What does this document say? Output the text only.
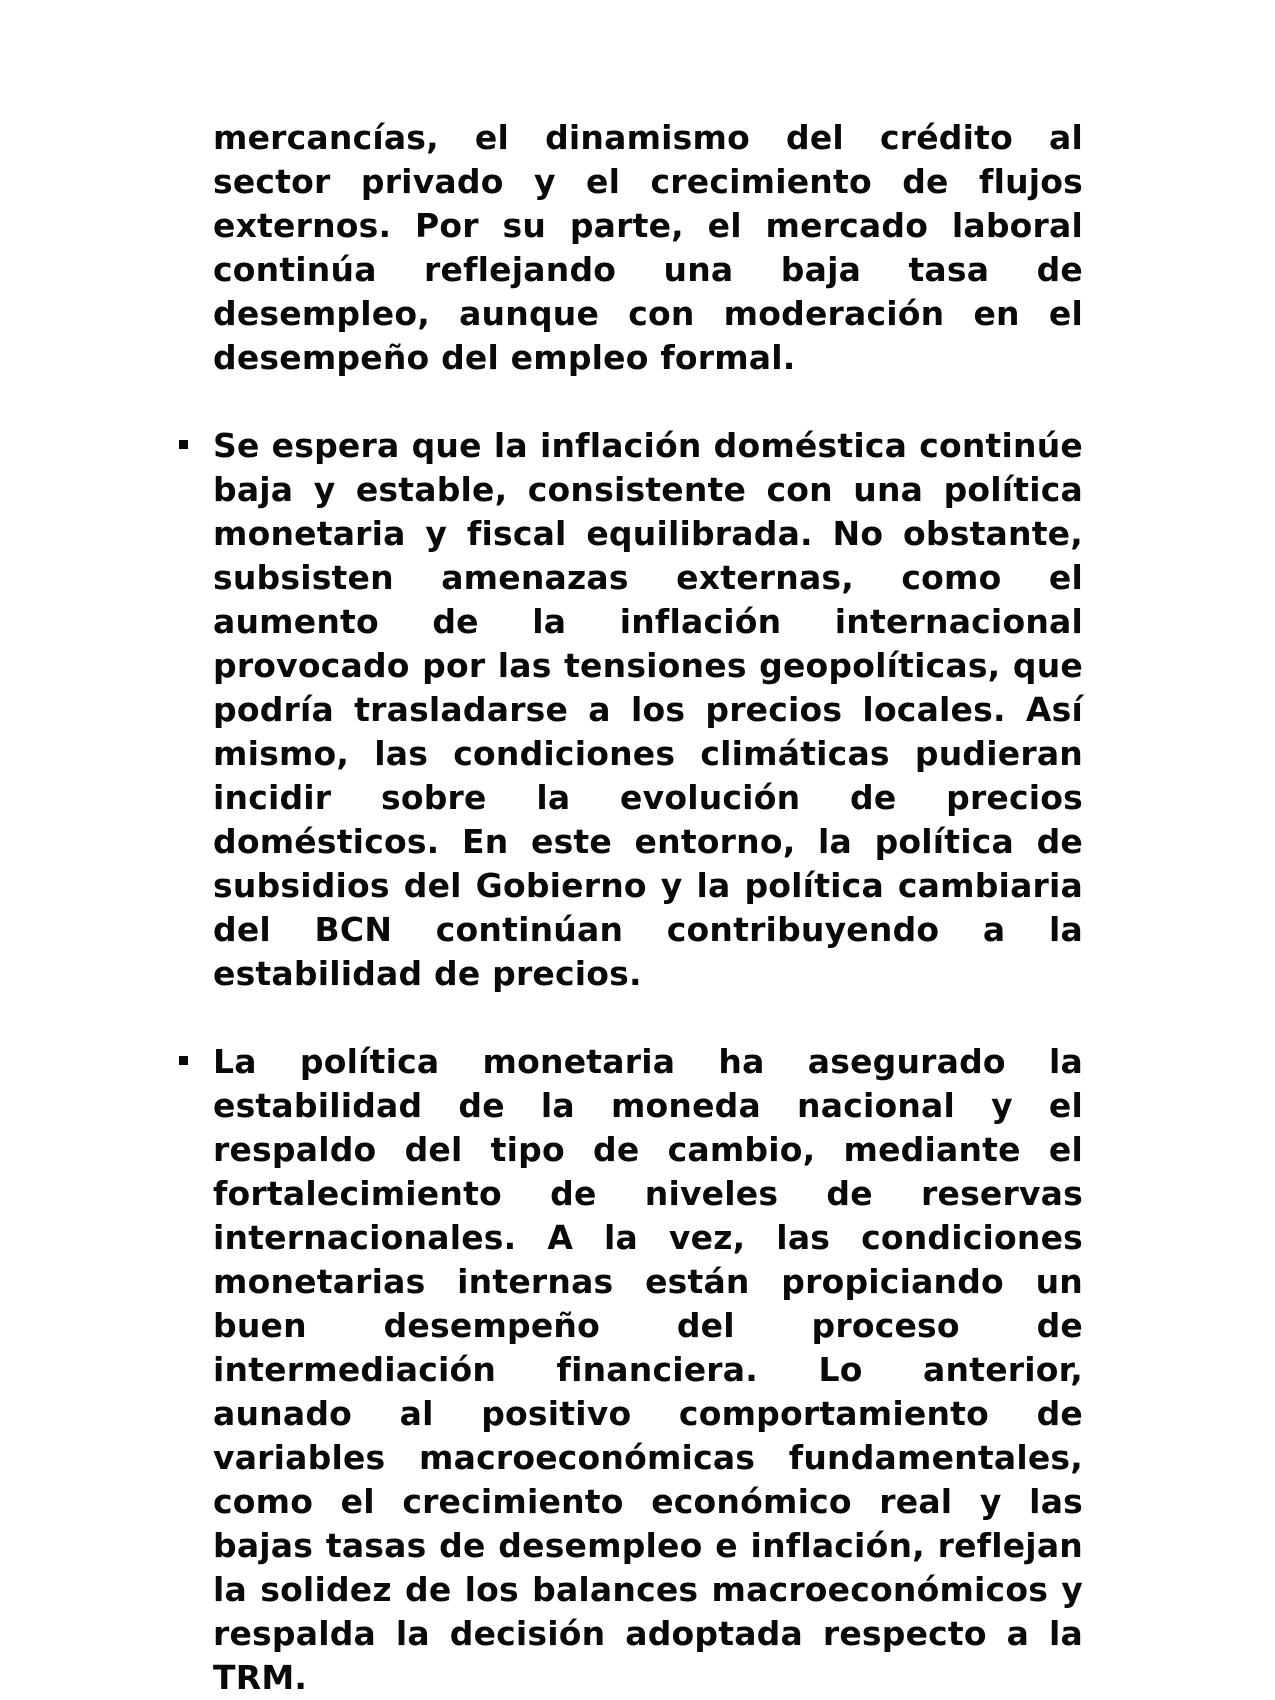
mercancías, el dinamismo del crédito al sector privado y el crecimiento de flujos externos. Por su parte, el mercado laboral continúa reflejando una baja tasa de desempleo, aunque con moderación en el desempeño del empleo formal.

Se espera que la inflación doméstica continúe baja y estable, consistente con una política monetaria y fiscal equilibrada. No obstante, subsisten amenazas externas, como el aumento de la inflación internacional provocado por las tensiones geopolíticas, que podría trasladarse a los precios locales. Así mismo, las condiciones climáticas pudieran incidir sobre la evolución de precios domésticos. En este entorno, la política de subsidios del Gobierno y la política cambiaria del BCN continúan contribuyendo a la estabilidad de precios.

La política monetaria ha asegurado la estabilidad de la moneda nacional y el respaldo del tipo de cambio, mediante el fortalecimiento de niveles de reservas internacionales. A la vez, las condiciones monetarias internas están propiciando un buen desempeño del proceso de intermediación financiera. Lo anterior, aunado al positivo comportamiento de variables macroeconómicas fundamentales, como el crecimiento económico real y las bajas tasas de desempleo e inflación, reflejan la solidez de los balances macroeconómicos y respalda la decisión adoptada respecto a la TRM.
